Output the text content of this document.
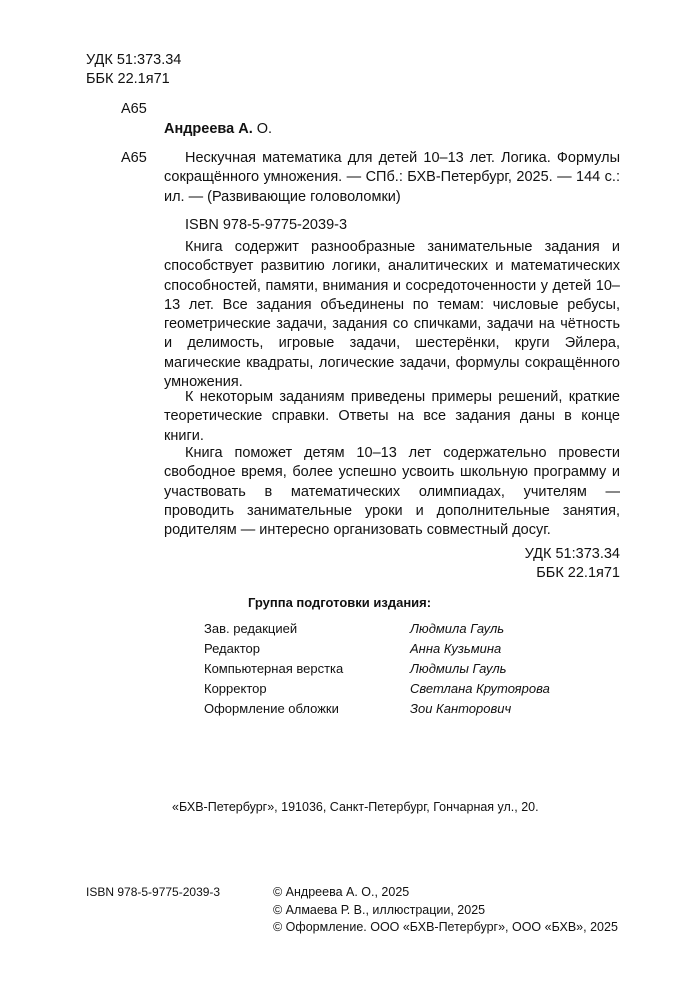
УДК 51:373.34
ББК 22.1я71
А65
Андреева А. О.
А65	Нескучная математика для детей 10–13 лет. Логика. Формулы сокращённого умножения. — СПб.: БХВ-Петербург, 2025. — 144 с.: ил. — (Развивающие головоломки)
ISBN 978-5-9775-2039-3
Книга содержит разнообразные занимательные задания и способствует развитию логики, аналитических и математических способностей, памяти, внимания и сосредоточенности у детей 10–13 лет. Все задания объединены по темам: числовые ребусы, геометрические задачи, задания со спичками, задачи на чётность и делимость, игровые задачи, шестерёнки, круги Эйлера, магические квадраты, логические задачи, формулы сокращённого умножения.
К некоторым заданиям приведены примеры решений, краткие теоретические справки. Ответы на все задания даны в конце книги.
Книга поможет детям 10–13 лет содержательно провести свободное время, более успешно усвоить школьную программу и участвовать в математических олимпиадах, учителям — проводить занимательные уроки и дополнительные занятия, родителям — интересно организовать совместный досуг.
УДК 51:373.34
ББК 22.1я71
Группа подготовки издания:
Зав. редакцией	Людмила Гауль
Редактор	Анна Кузьмина
Компьютерная верстка	Людмилы Гауль
Корректор	Светлана Крутоярова
Оформление обложки	Зои Канторович
«БХВ-Петербург», 191036, Санкт-Петербург, Гончарная ул., 20.
ISBN 978-5-9775-2039-3	© Андреева А. О., 2025
© Алмаева Р. В., иллюстрации, 2025
© Оформление. ООО «БХВ-Петербург», ООО «БХВ», 2025
